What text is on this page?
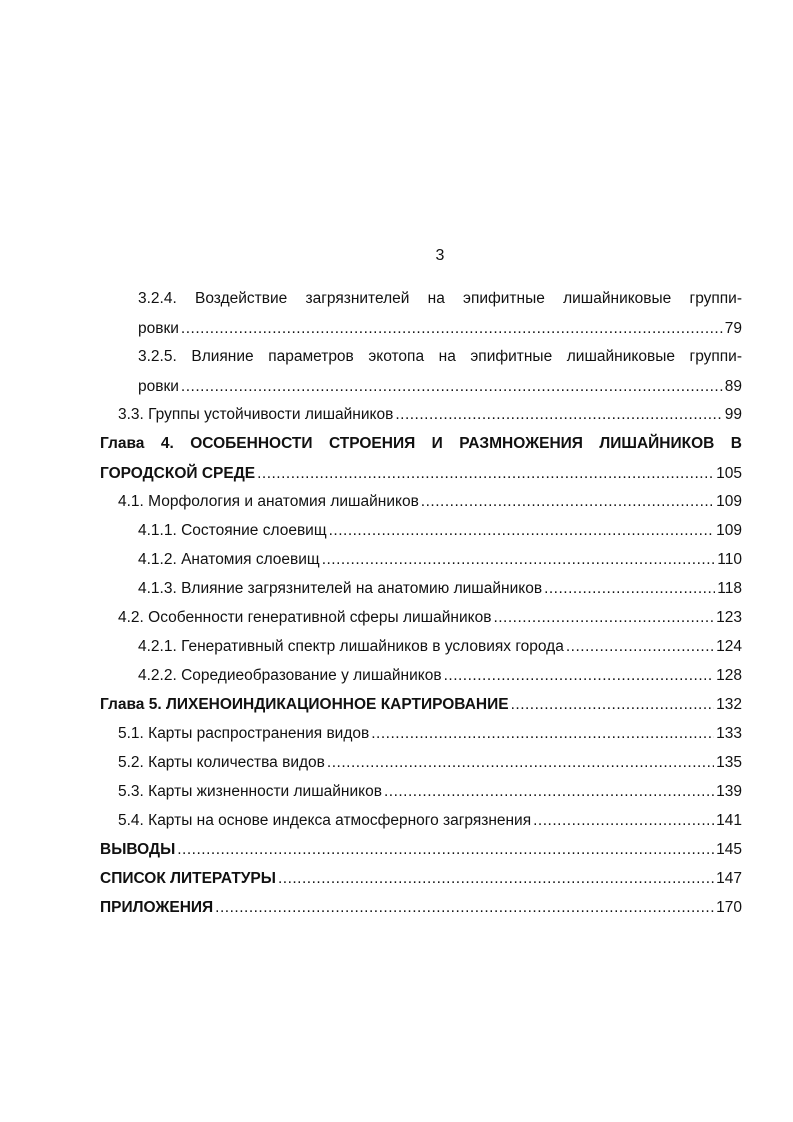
3
3.2.4. Воздействие загрязнителей на эпифитные лишайниковые группи-
ровки .....	79
3.2.5. Влияние параметров экотопа на эпифитные лишайниковые группи-
ровки .....	89
3.3. Группы устойчивости лишайников .....	99
Глава 4. ОСОБЕННОСТИ СТРОЕНИЯ И РАЗМНОЖЕНИЯ ЛИШАЙНИКОВ В
ГОРОДСКОЙ СРЕДЕ .....	105
4.1. Морфология и анатомия лишайников .....	109
4.1.1. Состояние слоевищ .....	109
4.1.2. Анатомия слоевищ .....	110
4.1.3. Влияние загрязнителей на анатомию лишайников .....	118
4.2. Особенности генеративной сферы лишайников .....	123
4.2.1. Генеративный спектр лишайников в условиях города .....	124
4.2.2. Соредиеобразование у лишайников .....	128
Глава 5. ЛИХЕНОИНДИКАЦИОННОЕ КАРТИРОВАНИЕ .....	132
5.1. Карты распространения видов .....	133
5.2. Карты количества видов .....	135
5.3. Карты жизненности лишайников .....	139
5.4. Карты на основе индекса атмосферного загрязнения .....	141
ВЫВОДЫ .....	145
СПИСОК ЛИТЕРАТУРЫ .....	147
ПРИЛОЖЕНИЯ .....	170
